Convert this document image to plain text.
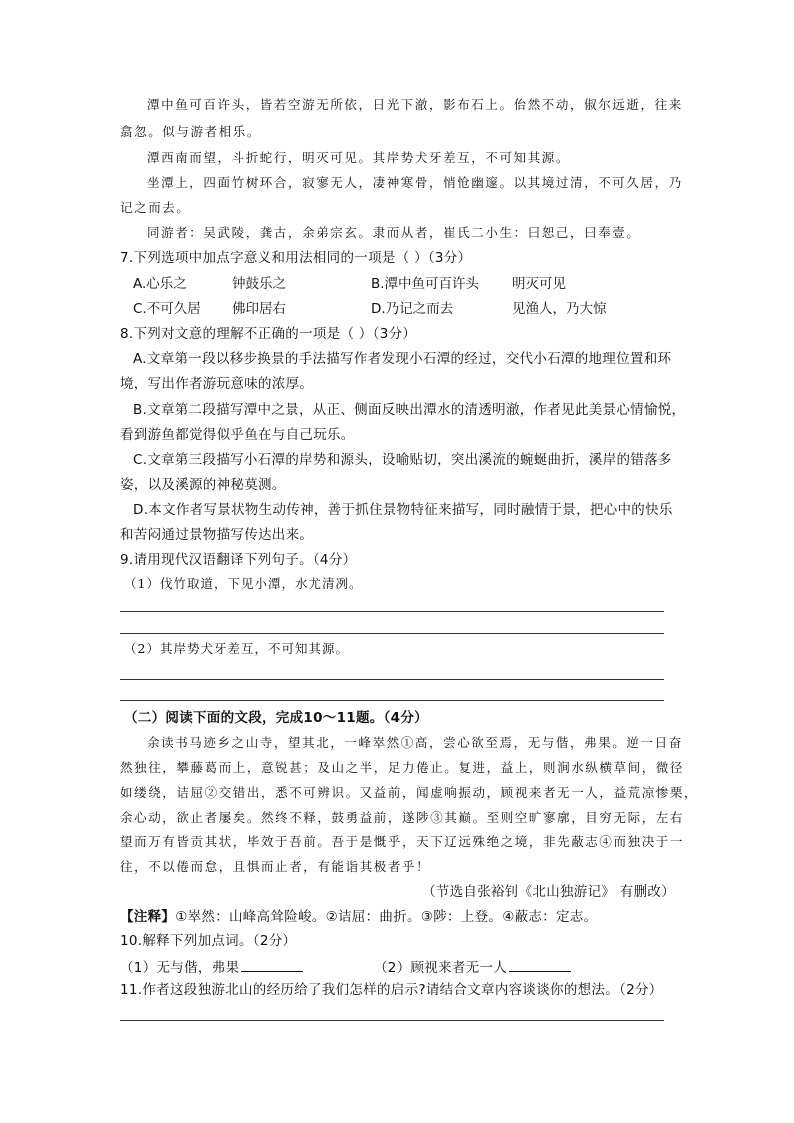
潭中鱼可百许头，皆若空游无所依，日光下澈，影布石上。佁然不动，俶尔远逝，往来
翕忽。似与游者相乐。
潭西南而望，斗折蛇行，明灭可见。其岸势犬牙差互，不可知其源。
坐潭上，四面竹树环合，寂寥无人，凄神寒骨，悄怆幽邃。以其境过清，不可久居，乃
记之而去。
同游者：吴武陵，龚古，余弟宗玄。隶而从者，崔氏二小生：曰恕己，曰奉壹。
7.下列选项中加点字意义和用法相同的一项是（ ）（3分）
A.心乐之	钟鼓乐之	B.潭中鱼可百许头 明灭可见
C.不可久居 佛印居右	D.乃记之而去	见渔人，乃大惊
8.下列对文意的理解不正确的一项是（ ）（3分）
A.文章第一段以移步换景的手法描写作者发现小石潭的经过，交代小石潭的地理位置和环
境，写出作者游玩意味的浓厚。
B.文章第二段描写潭中之景，从正、侧面反映出潭水的清透明澈，作者见此美景心情愉悦，
看到游鱼都觉得似乎鱼在与自己玩乐。
C.文章第三段描写小石潭的岸势和源头，设喻贴切，突出溪流的蜿蜒曲折，溪岸的错落多
姿，以及溪源的神秘莫测。
D.本文作者写景状物生动传神，善于抓住景物特征来描写，同时融情于景，把心中的快乐
和苦闷通过景物描写传达出来。
9.请用现代汉语翻译下列句子。（4分）
（1）伐竹取道，下见小潭，水尤清冽。
（2）其岸势犬牙差互，不可知其源。
（二）阅读下面的文段，完成10～11题。（4分）
余读书马迹乡之山寺，望其北，一峰崒然①高，尝心欲至焉，无与偕，弗果。逆一日奋
然独往，攀藤葛而上，意锐甚；及山之半，足力倦止。复进，益上，则涧水纵横草间，微径
如缕绕，诘屈②交错出，悉不可辨识。又益前，闻虚响振动，顾视来者无一人，益荒凉惨栗，
余心动，欲止者屡矣。然终不释，鼓勇益前，遂陟③其巅。至则空旷寥廓，目穷无际，左右
望而万有皆贡其状，毕效于吾前。吾于是慨乎，天下辽远殊绝之境，非先蔽志④而独决于一
往，不以倦而怠，且惧而止者，有能诣其极者乎！
（节选自张裕钊《北山独游记》 有删改）
【注释】①崒然：山峰高耸险峻。②诘屈：曲折。③陟：上登。④蔽志：定志。
10.解释下列加点词。（2分）
（1）无与偕，弗果	（2）顾视来者无一人
11.作者这段独游北山的经历给了我们怎样的启示?请结合文章内容谈谈你的想法。（2分）
